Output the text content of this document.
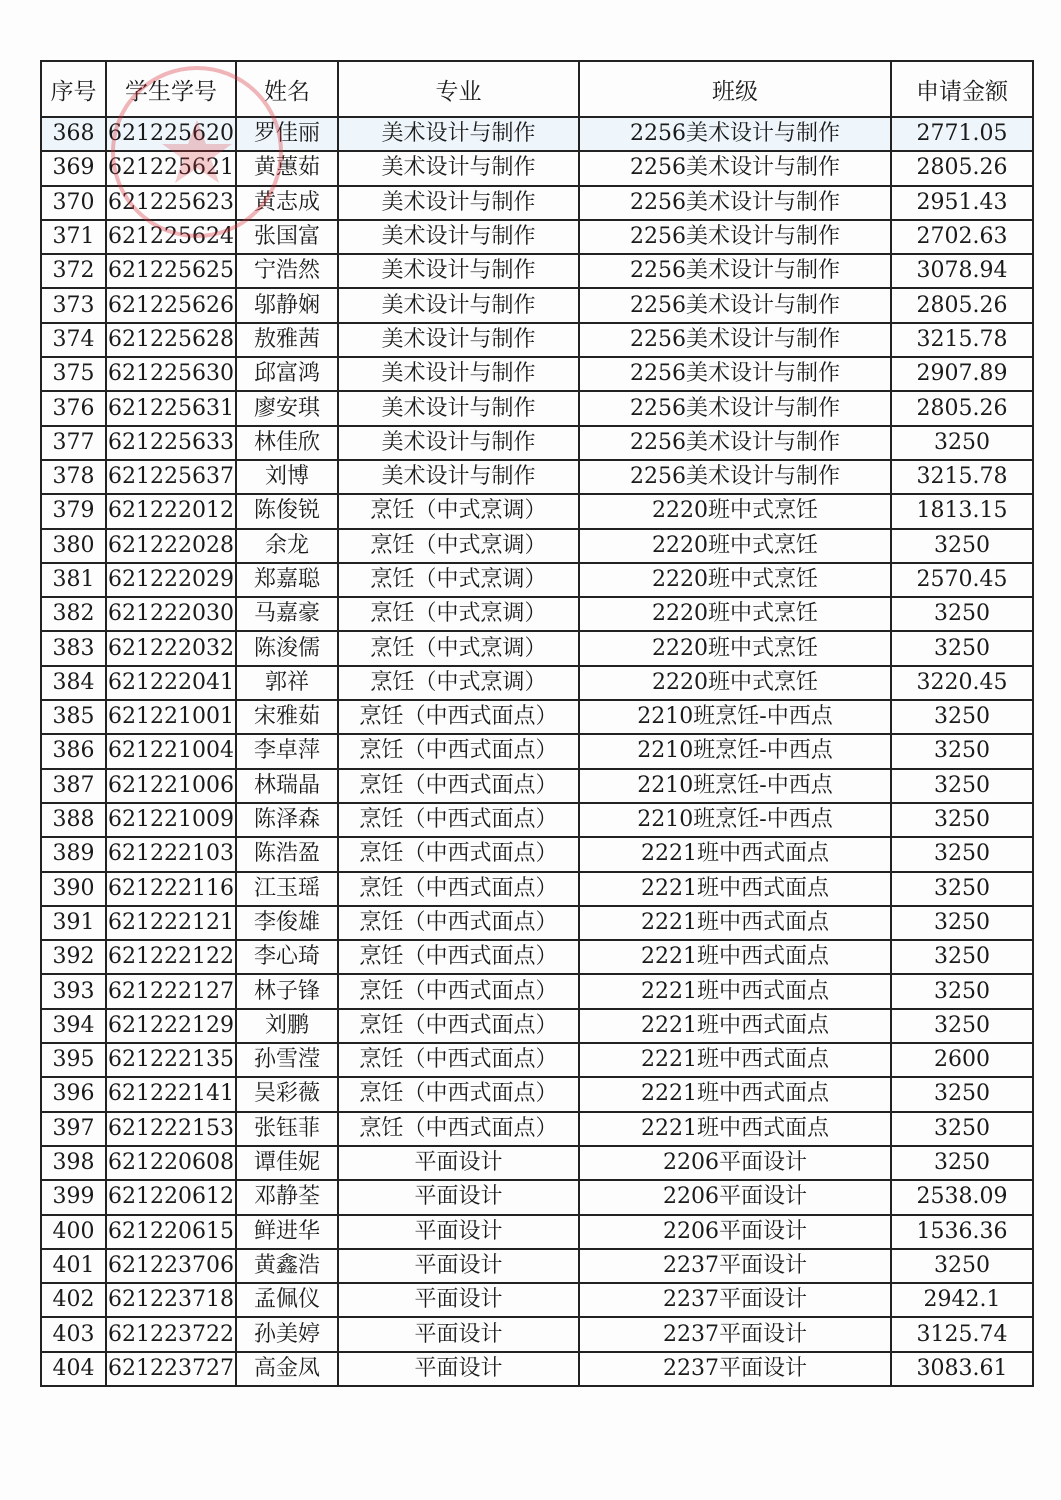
序号	学生学号	姓名	专业	班级	申请金额
368	621225620	罗佳丽	美术设计与制作	2256美术设计与制作	2771.05
369	621225621	黄蕙茹	美术设计与制作	2256美术设计与制作	2805.26
370	621225623	黄志成	美术设计与制作	2256美术设计与制作	2951.43
371	621225624	张国富	美术设计与制作	2256美术设计与制作	2702.63
372	621225625	宁浩然	美术设计与制作	2256美术设计与制作	3078.94
373	621225626	邬静娴	美术设计与制作	2256美术设计与制作	2805.26
374	621225628	敖雅茜	美术设计与制作	2256美术设计与制作	3215.78
375	621225630	邱富鸿	美术设计与制作	2256美术设计与制作	2907.89
376	621225631	廖安琪	美术设计与制作	2256美术设计与制作	2805.26
377	621225633	林佳欣	美术设计与制作	2256美术设计与制作	3250
378	621225637	刘博	美术设计与制作	2256美术设计与制作	3215.78
379	621222012	陈俊锐	烹饪（中式烹调）	2220班中式烹饪	1813.15
380	621222028	余龙	烹饪（中式烹调）	2220班中式烹饪	3250
381	621222029	郑嘉聪	烹饪（中式烹调）	2220班中式烹饪	2570.45
382	621222030	马嘉豪	烹饪（中式烹调）	2220班中式烹饪	3250
383	621222032	陈浚儒	烹饪（中式烹调）	2220班中式烹饪	3250
384	621222041	郭祥	烹饪（中式烹调）	2220班中式烹饪	3220.45
385	621221001	宋雅茹	烹饪（中西式面点）	2210班烹饪-中西点	3250
386	621221004	李卓萍	烹饪（中西式面点）	2210班烹饪-中西点	3250
387	621221006	林瑞晶	烹饪（中西式面点）	2210班烹饪-中西点	3250
388	621221009	陈泽森	烹饪（中西式面点）	2210班烹饪-中西点	3250
389	621222103	陈浩盈	烹饪（中西式面点）	2221班中西式面点	3250
390	621222116	江玉瑶	烹饪（中西式面点）	2221班中西式面点	3250
391	621222121	李俊雄	烹饪（中西式面点）	2221班中西式面点	3250
392	621222122	李心琦	烹饪（中西式面点）	2221班中西式面点	3250
393	621222127	林子锋	烹饪（中西式面点）	2221班中西式面点	3250
394	621222129	刘鹏	烹饪（中西式面点）	2221班中西式面点	3250
395	621222135	孙雪滢	烹饪（中西式面点）	2221班中西式面点	2600
396	621222141	吴彩薇	烹饪（中西式面点）	2221班中西式面点	3250
397	621222153	张钰菲	烹饪（中西式面点）	2221班中西式面点	3250
398	621220608	谭佳妮	平面设计	2206平面设计	3250
399	621220612	邓静荃	平面设计	2206平面设计	2538.09
400	621220615	鲜进华	平面设计	2206平面设计	1536.36
401	621223706	黄鑫浩	平面设计	2237平面设计	3250
402	621223718	孟佩仪	平面设计	2237平面设计	2942.1
403	621223722	孙美婷	平面设计	2237平面设计	3125.74
404	621223727	高金凤	平面设计	2237平面设计	3083.61
